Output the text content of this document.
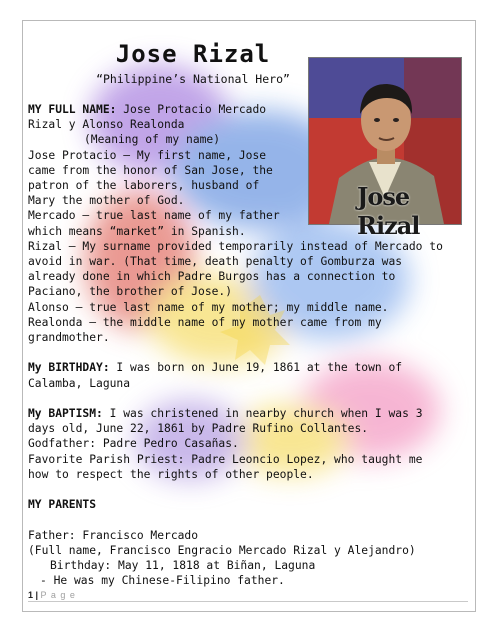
Jose Rizal
“Philippine’s National Hero”
Jose Rizal
MY FULL NAME: Jose Protacio Mercado
Rizal y Alonso Realonda
(Meaning of my name)
Jose Protacio – My first name, Jose
came from the honor of San Jose, the
patron of the laborers, husband of
Mary the mother of God.
Mercado – true last name of my father
which means “market” in Spanish.
Rizal – My surname provided temporarily instead of Mercado to
avoid in war. (That time, death penalty of Gomburza was
already done in which Padre Burgos has a connection to
Paciano, the brother of Jose.)
Alonso – true last name of my mother; my middle name.
Realonda – the middle name of my mother came from my
grandmother.
My BIRTHDAY: I was born on June 19, 1861 at the town of
Calamba, Laguna
My BAPTISM: I was christened in nearby church when I was 3
days old, June 22, 1861 by Padre Rufino Collantes.
Godfather: Padre Pedro Casañas.
Favorite Parish Priest: Padre Leoncio Lopez, who taught me
how to respect the rights of other people.
MY PARENTS
Father: Francisco Mercado
(Full name, Francisco Engracio Mercado Rizal y Alejandro)
Birthday: May 11, 1818 at Biñan, Laguna
- He was my Chinese-Filipino father.
1 | P a g e
